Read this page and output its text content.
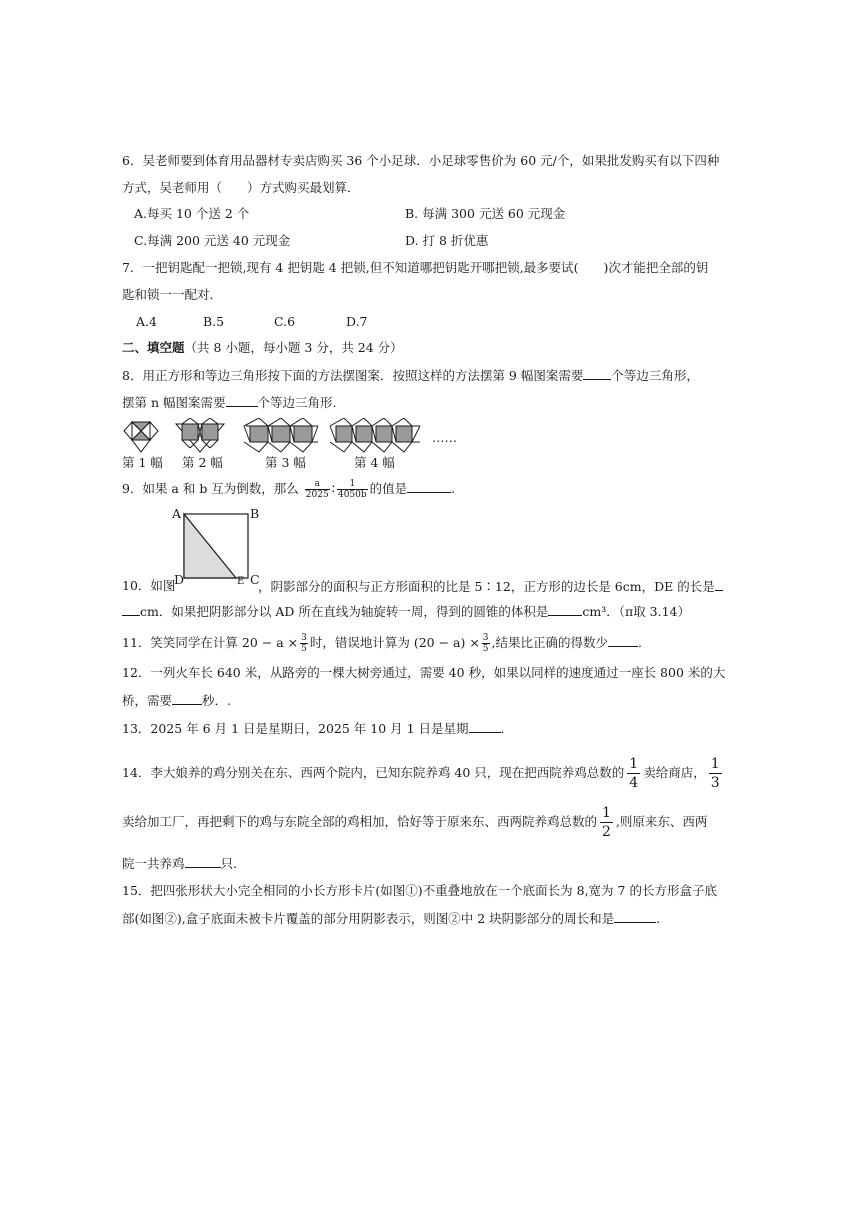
6．吴老师要到体育用品器材专卖店购买 36 个小足球．小足球零售价为 60 元/个，如果批发购买有以下四种
方式，吴老师用（　　）方式购买最划算．
A.每买 10 个送 2 个	B. 每满 300 元送 60 元现金
C.每满 200 元送 40 元现金	D. 打 8 折优惠
7．一把钥匙配一把锁,现有 4 把钥匙 4 把锁,但不知道哪把钥匙开哪把锁,最多要试(　　)次才能把全部的钥
匙和锁一一配对．
A.4	B.5	C.6	D.7
二、填空题（共 8 小题，每小题 3 分，共 24 分）
8．用正方形和等边三角形按下面的方法摆图案．按照这样的方法摆第 9 幅图案需要 个等边三角形，
摆第 n 幅图案需要	个等边三角形.
……
第 1 幅 第 2 幅	第 3 幅	第 4 幅
9．如果 a 和 b 互为倒数，那么 $\frac{a}{2025}$ ∶ $\frac{1}{4050b}$ 的值是	.
A	B
D	E C
10．如图	，阴影部分的面积与正方形面积的比是 5∶12，正方形的边长是 6cm，DE 的长是
cm．如果把阴影部分以 AD 所在直线为轴旋转一周，得到的圆锥的体积是	cm³．（π取 3.14）
11．笑笑同学在计算 $20 - a \times \frac{3}{5}$ 时，错误地计算为 $(20 - a) \times \frac{3}{5}$ ,结果比正确的得数少 .
12．一列火车长 640 米，从路旁的一棵大树旁通过，需要 40 秒，如果以同样的速度通过一座长 800 米的大
桥，需要 秒．.
13．2025 年 6 月 1 日是星期日，2025 年 10 月 1 日是星期	.
14．李大娘养的鸡分别关在东、西两个院内，已知东院养鸡 40 只，现在把西院养鸡总数的 $\frac{1}{4}$ 卖给商店， $\frac{1}{3}$
卖给加工厂，再把剩下的鸡与东院全部的鸡相加，恰好等于原来东、西两院养鸡总数的 $\frac{1}{2}$ ,则原来东、西两
院一共养鸡	只.
15．把四张形状大小完全相同的小长方形卡片(如图①)不重叠地放在一个底面长为 8,宽为 7 的长方形盒子底
部(如图②),盒子底面未被卡片覆盖的部分用阴影表示，则图②中 2 块阴影部分的周长和是	.
